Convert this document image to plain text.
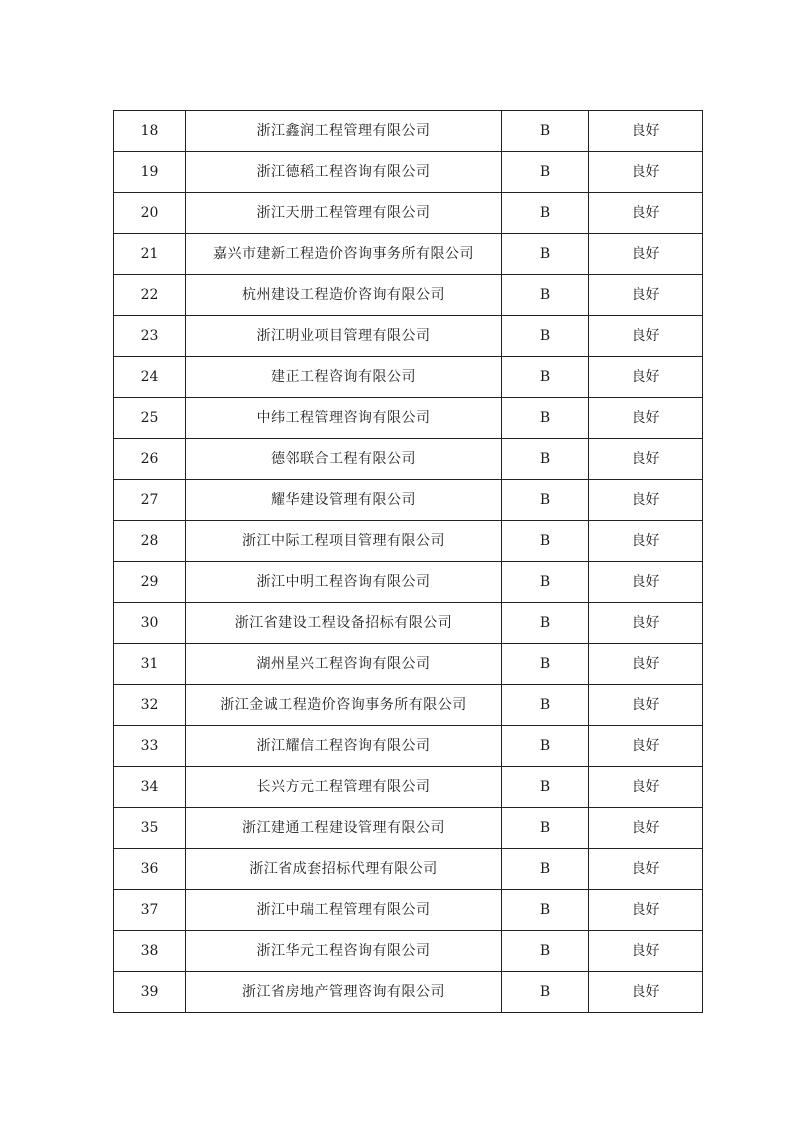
18	浙江鑫润工程管理有限公司	B	良好
19	浙江德稻工程咨询有限公司	B	良好
20	浙江天册工程管理有限公司	B	良好
21	嘉兴市建新工程造价咨询事务所有限公司	B	良好
22	杭州建设工程造价咨询有限公司	B	良好
23	浙江明业项目管理有限公司	B	良好
24	建正工程咨询有限公司	B	良好
25	中纬工程管理咨询有限公司	B	良好
26	德邻联合工程有限公司	B	良好
27	耀华建设管理有限公司	B	良好
28	浙江中际工程项目管理有限公司	B	良好
29	浙江中明工程咨询有限公司	B	良好
30	浙江省建设工程设备招标有限公司	B	良好
31	湖州星兴工程咨询有限公司	B	良好
32	浙江金诚工程造价咨询事务所有限公司	B	良好
33	浙江耀信工程咨询有限公司	B	良好
34	长兴方元工程管理有限公司	B	良好
35	浙江建通工程建设管理有限公司	B	良好
36	浙江省成套招标代理有限公司	B	良好
37	浙江中瑞工程管理有限公司	B	良好
38	浙江华元工程咨询有限公司	B	良好
39	浙江省房地产管理咨询有限公司	B	良好
